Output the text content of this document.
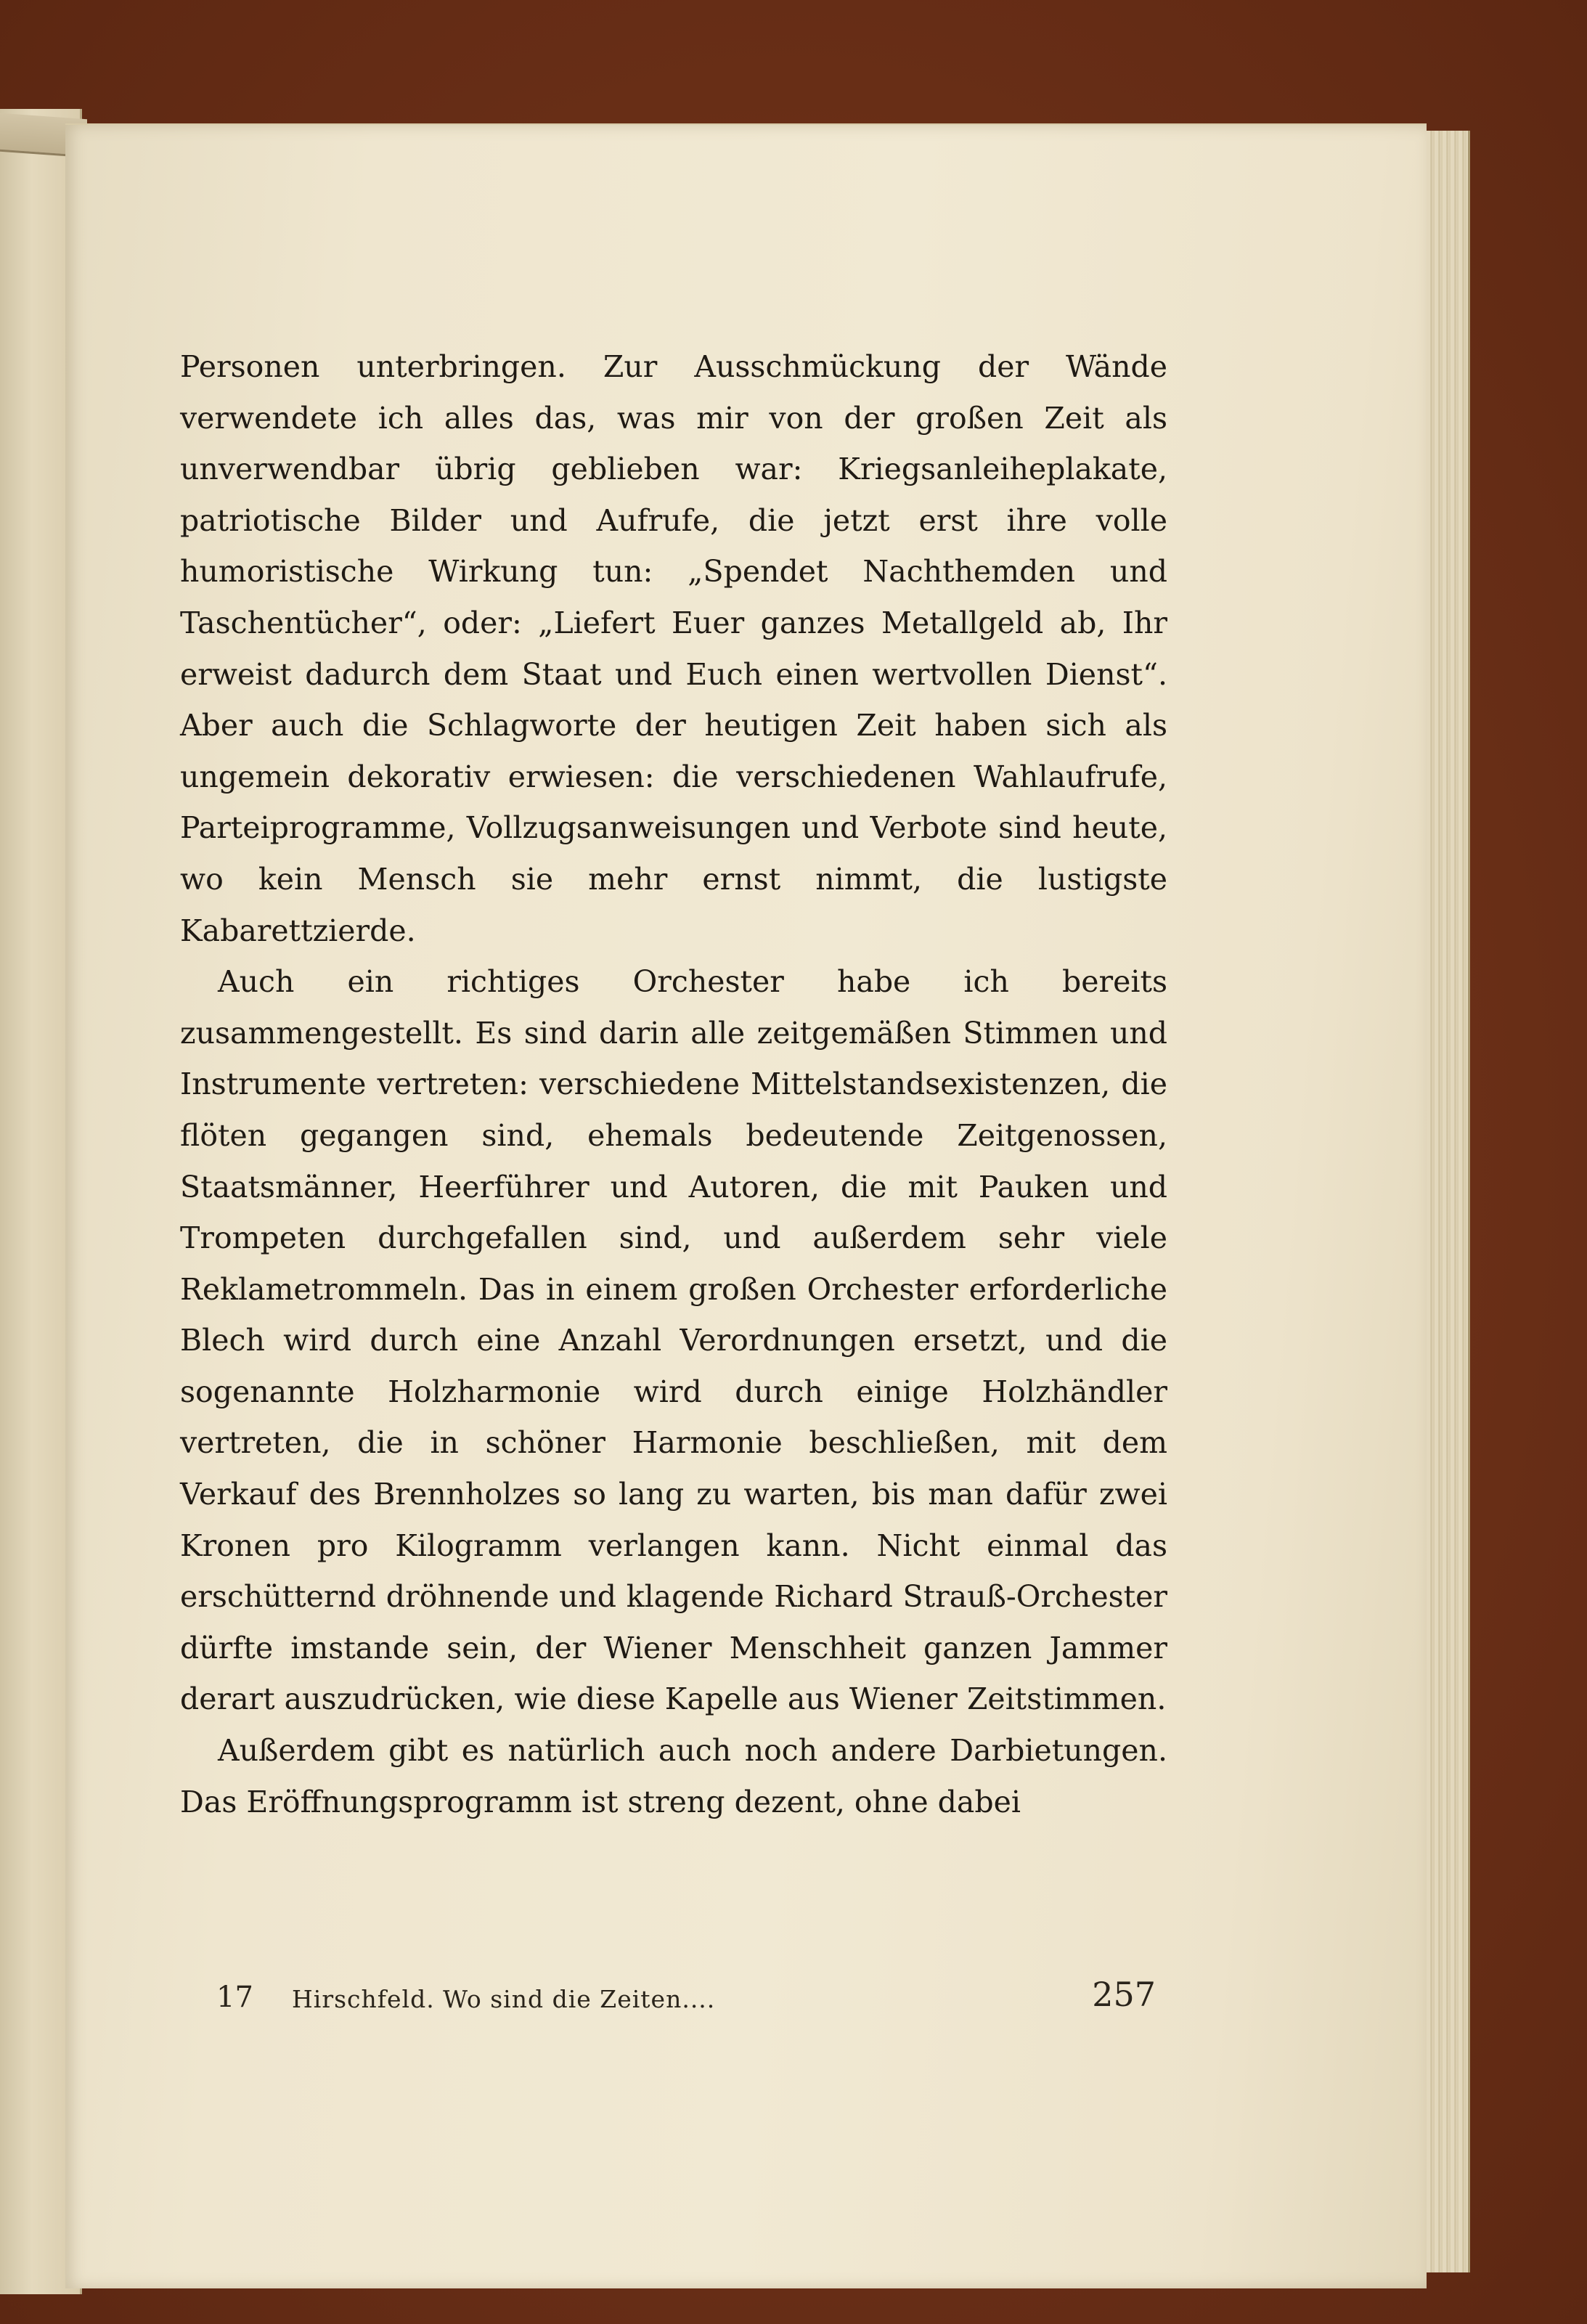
Personen unterbringen. Zur Ausschmückung der Wände verwendete ich alles das, was mir von der großen Zeit als unverwendbar übrig geblieben war: Kriegsanleiheplakate, patriotische Bilder und Aufrufe, die jetzt erst ihre volle humoristische Wirkung tun: „Spendet Nachthemden und Taschentücher“, oder: „Liefert Euer ganzes Metallgeld ab, Ihr erweist dadurch dem Staat und Euch einen wertvollen Dienst“. Aber auch die Schlagworte der heutigen Zeit haben sich als ungemein dekorativ erwiesen: die verschiedenen Wahlaufrufe, Parteiprogramme, Vollzugsanweisungen und Verbote sind heute, wo kein Mensch sie mehr ernst nimmt, die lustigste Kabarettzierde.

Auch ein richtiges Orchester habe ich bereits zusammengestellt. Es sind darin alle zeitgemäßen Stimmen und Instrumente vertreten: verschiedene Mittelstandsexistenzen, die flöten gegangen sind, ehemals bedeutende Zeitgenossen, Staatsmänner, Heerführer und Autoren, die mit Pauken und Trompeten durchgefallen sind, und außerdem sehr viele Reklametrommeln. Das in einem großen Orchester erforderliche Blech wird durch eine Anzahl Verordnungen ersetzt, und die sogenannte Holzharmonie wird durch einige Holzhändler vertreten, die in schöner Harmonie beschließen, mit dem Verkauf des Brennholzes so lang zu warten, bis man dafür zwei Kronen pro Kilogramm verlangen kann. Nicht einmal das erschütternd dröhnende und klagende Richard Strauß-Orchester dürfte imstande sein, der Wiener Menschheit ganzen Jammer derart auszudrücken, wie diese Kapelle aus Wiener Zeitstimmen.

Außerdem gibt es natürlich auch noch andere Darbietungen. Das Eröffnungsprogramm ist streng dezent, ohne dabei

17 Hirschfeld. Wo sind die Zeiten....	257
